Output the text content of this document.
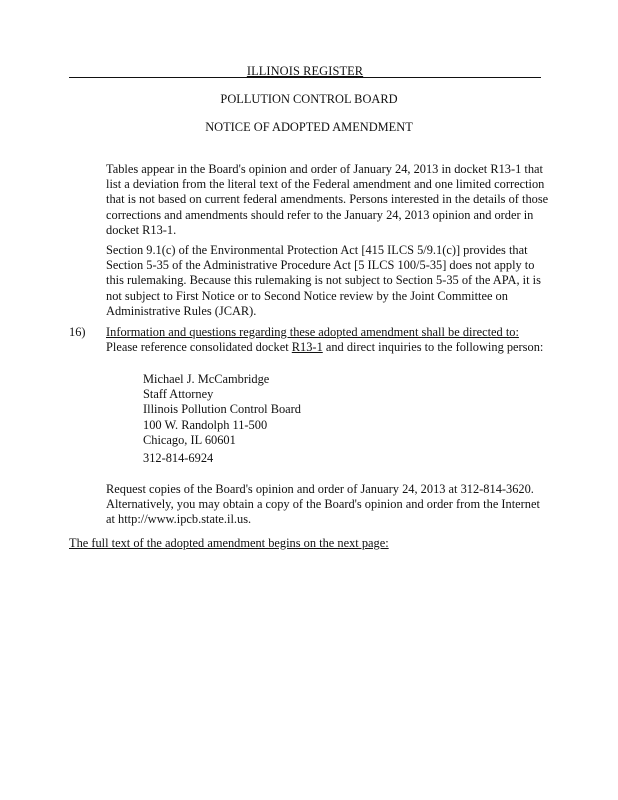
ILLINOIS REGISTER
POLLUTION CONTROL BOARD
NOTICE OF ADOPTED AMENDMENT
Tables appear in the Board's opinion and order of January 24, 2013 in docket R13-1 that
list a deviation from the literal text of the Federal amendment and one limited correction
that is not based on current federal amendments. Persons interested in the details of those
corrections and amendments should refer to the January 24, 2013 opinion and order in
docket R13-1.
Section 9.1(c) of the Environmental Protection Act [415 ILCS 5/9.1(c)] provides that
Section 5-35 of the Administrative Procedure Act [5 ILCS 100/5-35] does not apply to
this rulemaking. Because this rulemaking is not subject to Section 5-35 of the APA, it is
not subject to First Notice or to Second Notice review by the Joint Committee on
Administrative Rules (JCAR).
16) Information and questions regarding these adopted amendment shall be directed to:
Please reference consolidated docket R13-1 and direct inquiries to the following person:
Michael J. McCambridge
Staff Attorney
Illinois Pollution Control Board
100 W. Randolph 11-500
Chicago, IL 60601
312-814-6924
Request copies of the Board's opinion and order of January 24, 2013 at 312-814-3620.
Alternatively, you may obtain a copy of the Board's opinion and order from the Internet
at http://www.ipcb.state.il.us.
The full text of the adopted amendment begins on the next page:
